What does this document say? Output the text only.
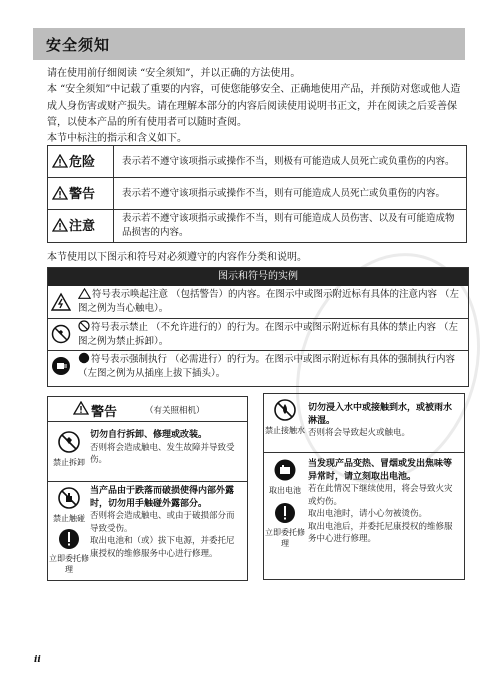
安全须知

请在使用前仔细阅读 “安全须知”，并以正确的方法使用。

本 “安全须知”中记载了重要的内容，可使您能够安全、正确地使用产品，并预防对您或他人造成人身伤害或财产损失。请在理解本部分的内容后阅读使用说明书正文，并在阅读之后妥善保管，以使本产品的所有使用者可以随时查阅。

本节中标注的指示和含义如下。

危险	表示若不遵守该项指示或操作不当，则极有可能造成人员死亡或负重伤的内容。
警告	表示若不遵守该项指示或操作不当，则有可能造成人员死亡或负重伤的内容。
注意	表示若不遵守该项指示或操作不当，则有可能造成人员伤害、以及有可能造成物品损害的内容。
本节使用以下图示和符号对必须遵守的内容作分类和说明。
图示和符号的实例
符号表示唤起注意 （包括警告）的内容。在图示中或图示附近标有具体的注意内容 （左图之例为当心触电）。
符号表示禁止 （不允许进行的）的行为。在图示中或图示附近标有具体的禁止内容 （左图之例为禁止拆卸）。
符号表示强制执行 （必需进行）的行为。在图示中或图示附近标有具体的强制执行内容 （左图之例为从插座上拔下插头）。
警告	（有关照相机）
禁止拆卸
切勿自行拆卸、修理或改装。
否则将会造成触电、发生故障并导致受伤。
禁止触碰
立即委托修理
当产品由于跌落而破损使得内部外露时，切勿用手触碰外露部分。
否则将会造成触电、或由于破损部分而导致受伤。
取出电池和（或）拔下电源，并委托尼康授权的维修服务中心进行修理。
禁止接触水
切勿浸入水中或接触到水，或被雨水淋湿。
否则将会导致起火或触电。
取出电池
立即委托修理
当发现产品变热、冒烟或发出焦味等异常时，请立刻取出电池。
若在此情况下继续使用，将会导致火灾或灼伤。
取出电池时，请小心勿被烫伤。
取出电池后，并委托尼康授权的维修服务中心进行修理。
ii
